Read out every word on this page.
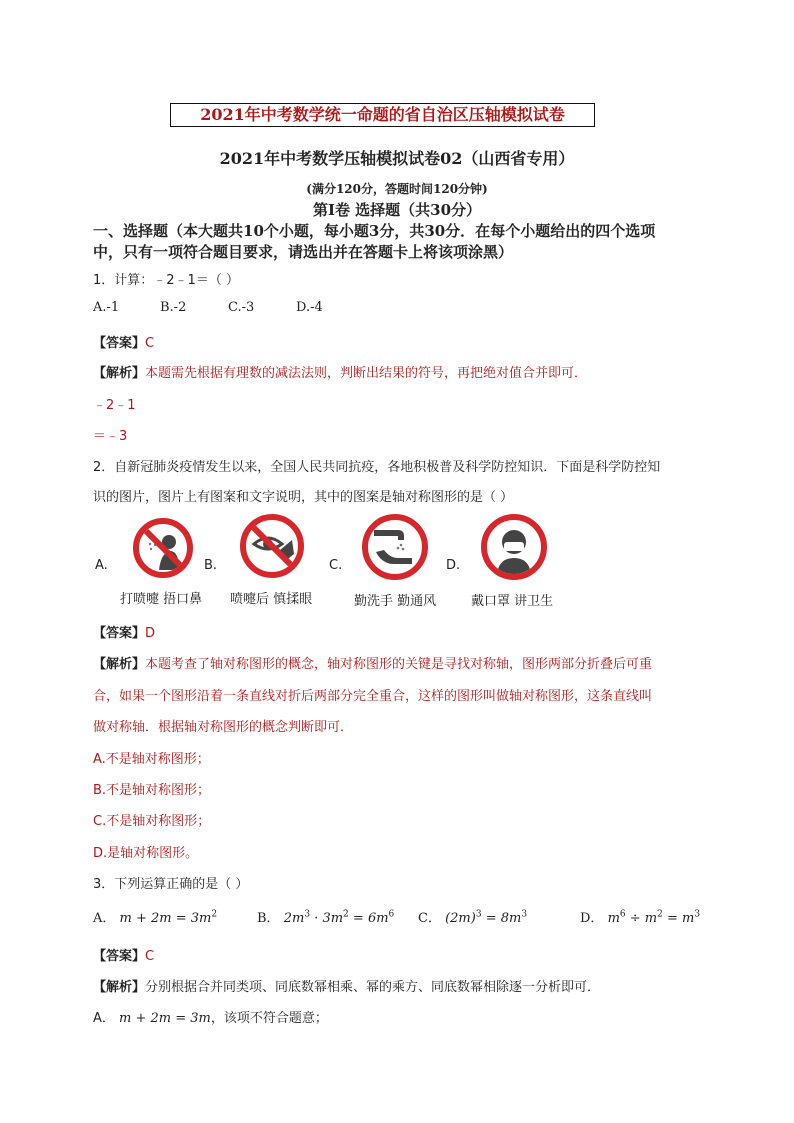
2021年中考数学统一命题的省自治区压轴模拟试卷
2021年中考数学压轴模拟试卷02（山西省专用）
(满分120分，答题时间120分钟)
第I卷 选择题（共30分）
一、选择题（本大题共10个小题，每小题3分，共30分．在每个小题给出的四个选项
中，只有一项符合题目要求，请选出并在答题卡上将该项涂黑）
1．计算：﹣2﹣1＝（ ）
A.-1	B.-2	C.-3	D.-4
【答案】C
【解析】本题需先根据有理数的减法法则，判断出结果的符号，再把绝对值合并即可．
﹣2﹣1
＝﹣3
2．自新冠肺炎疫情发生以来，全国人民共同抗疫，各地积极普及科学防控知识．下面是科学防控知
识的图片，图片上有图案和文字说明，其中的图案是轴对称图形的是（ ）
A.	B.	C.	D.
打喷嚏 捂口鼻 喷嚏后 慎揉眼	勤洗手 勤通风	戴口罩 讲卫生
【答案】D
【解析】本题考查了轴对称图形的概念，轴对称图形的关键是寻找对称轴，图形两部分折叠后可重
合，如果一个图形沿着一条直线对折后两部分完全重合，这样的图形叫做轴对称图形，这条直线叫
做对称轴．根据轴对称图形的概念判断即可．
A.不是轴对称图形；
B.不是轴对称图形；
C.不是轴对称图形；
D.是轴对称图形。
3．下列运算正确的是（ ）
A． $m + 2m = 3m^2$	B． $2m^3 \cdot 3m^2 = 6m^6$ C． $(2m)^3 = 8m^3$	D． $m^6 \div m^2 = m^3$
【答案】C
【解析】分别根据合并同类项、同底数幂相乘、幂的乘方、同底数幂相除逐一分析即可．
A． m + 2m = 3m，该项不符合题意；
